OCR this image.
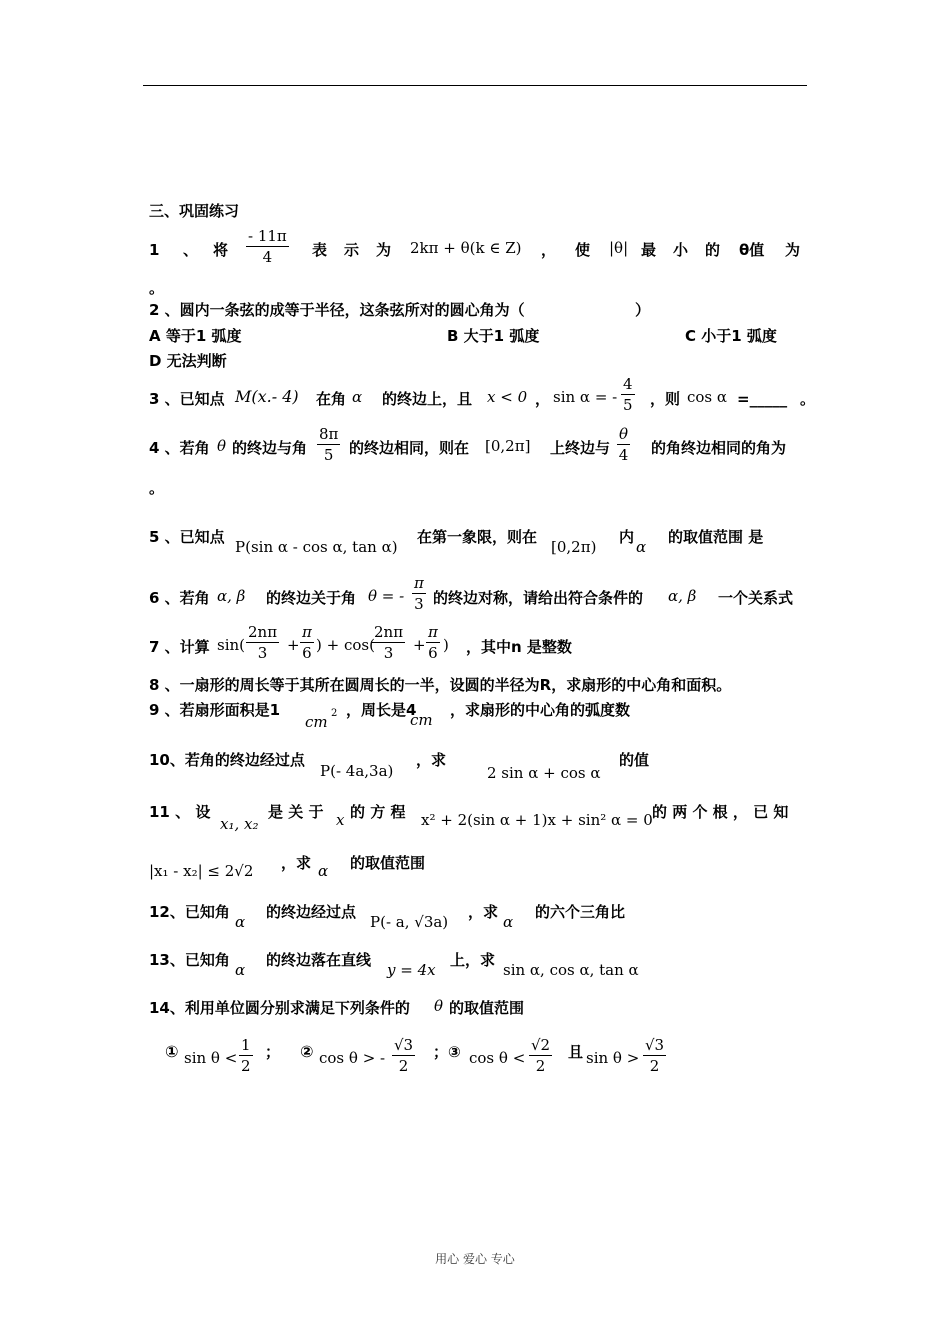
三、巩固练习
1 、 将 $\frac{- 11\pi}{4}$ 表 示 为 2kπ + θ(k ∈ Z) ， 使 |θ| 最 小 的 θ值 为
。
2 、圆内一条弦的成等于半径，这条弦所对的圆心角为（	）
A 等于1 弧度	B 大于1 弧度	C 小于1 弧度
D 无法判断
3 、已知点 M(x.- 4) 在角 α 的终边上，且 x < 0 ， sin α = - $\frac{4}{5}$ ，则 cos α =_____ 。
4 、若角 θ 的终边与角 $\frac{8\pi}{5}$ 的终边相同，则在 [0,2π] 上终边与 $\frac{\theta}{4}$ 的角终边相同的角为
。
5 、已知点
P(sin α - cos α, tan α)
在第一象限，则在
[0,2π)
内
α
的取值范围 是
6 、若角 α, β 的终边关于角 θ = - $\frac{\pi}{3}$ 的终边对称，请给出符合条件的 α, β 一个关系式
7 、计算 $\sin( \frac{2n\pi}{3} + \frac{\pi}{6}$ ) + cos(
$\frac{2n\pi}{3} + \frac{\pi}{6}$ ) ，其中n 是整数
8 、一扇形的周长等于其所在圆周长的一半，设圆的半径为R，求扇形的中心角和面积。
9 、若扇形面积是1
cm 2 ，周长是4
cm
，求扇形的中心角的弧度数
10、若角的终边经过点
P(- 4a,3a)
，求
2 sin α + cos α
的值
11 、 设
x₁, x₂
是 关 于 x 的 方 程 x² + 2(sin α + 1)x + sin² α = 0 的 两 个 根 ， 已 知
|x₁ - x₂| ≤ 2√2 ，求 α 的取值范围
12、已知角
α
的终边经过点
P(- a, √3a)
，求
α
的六个三角比
13、已知角
α
的终边落在直线
y = 4x
上，求
sin α, cos α, tan α
14、利用单位圆分别求满足下列条件的 θ 的取值范围
① $\sin \theta < \frac{1}{2}$ ； ② cos θ > - $\frac{√3}{2}$ ；③ $\cos \theta < \frac{√2}{2}$ 且 $\sin \theta > \frac{√3}{2}$
用心 爱心 专心
